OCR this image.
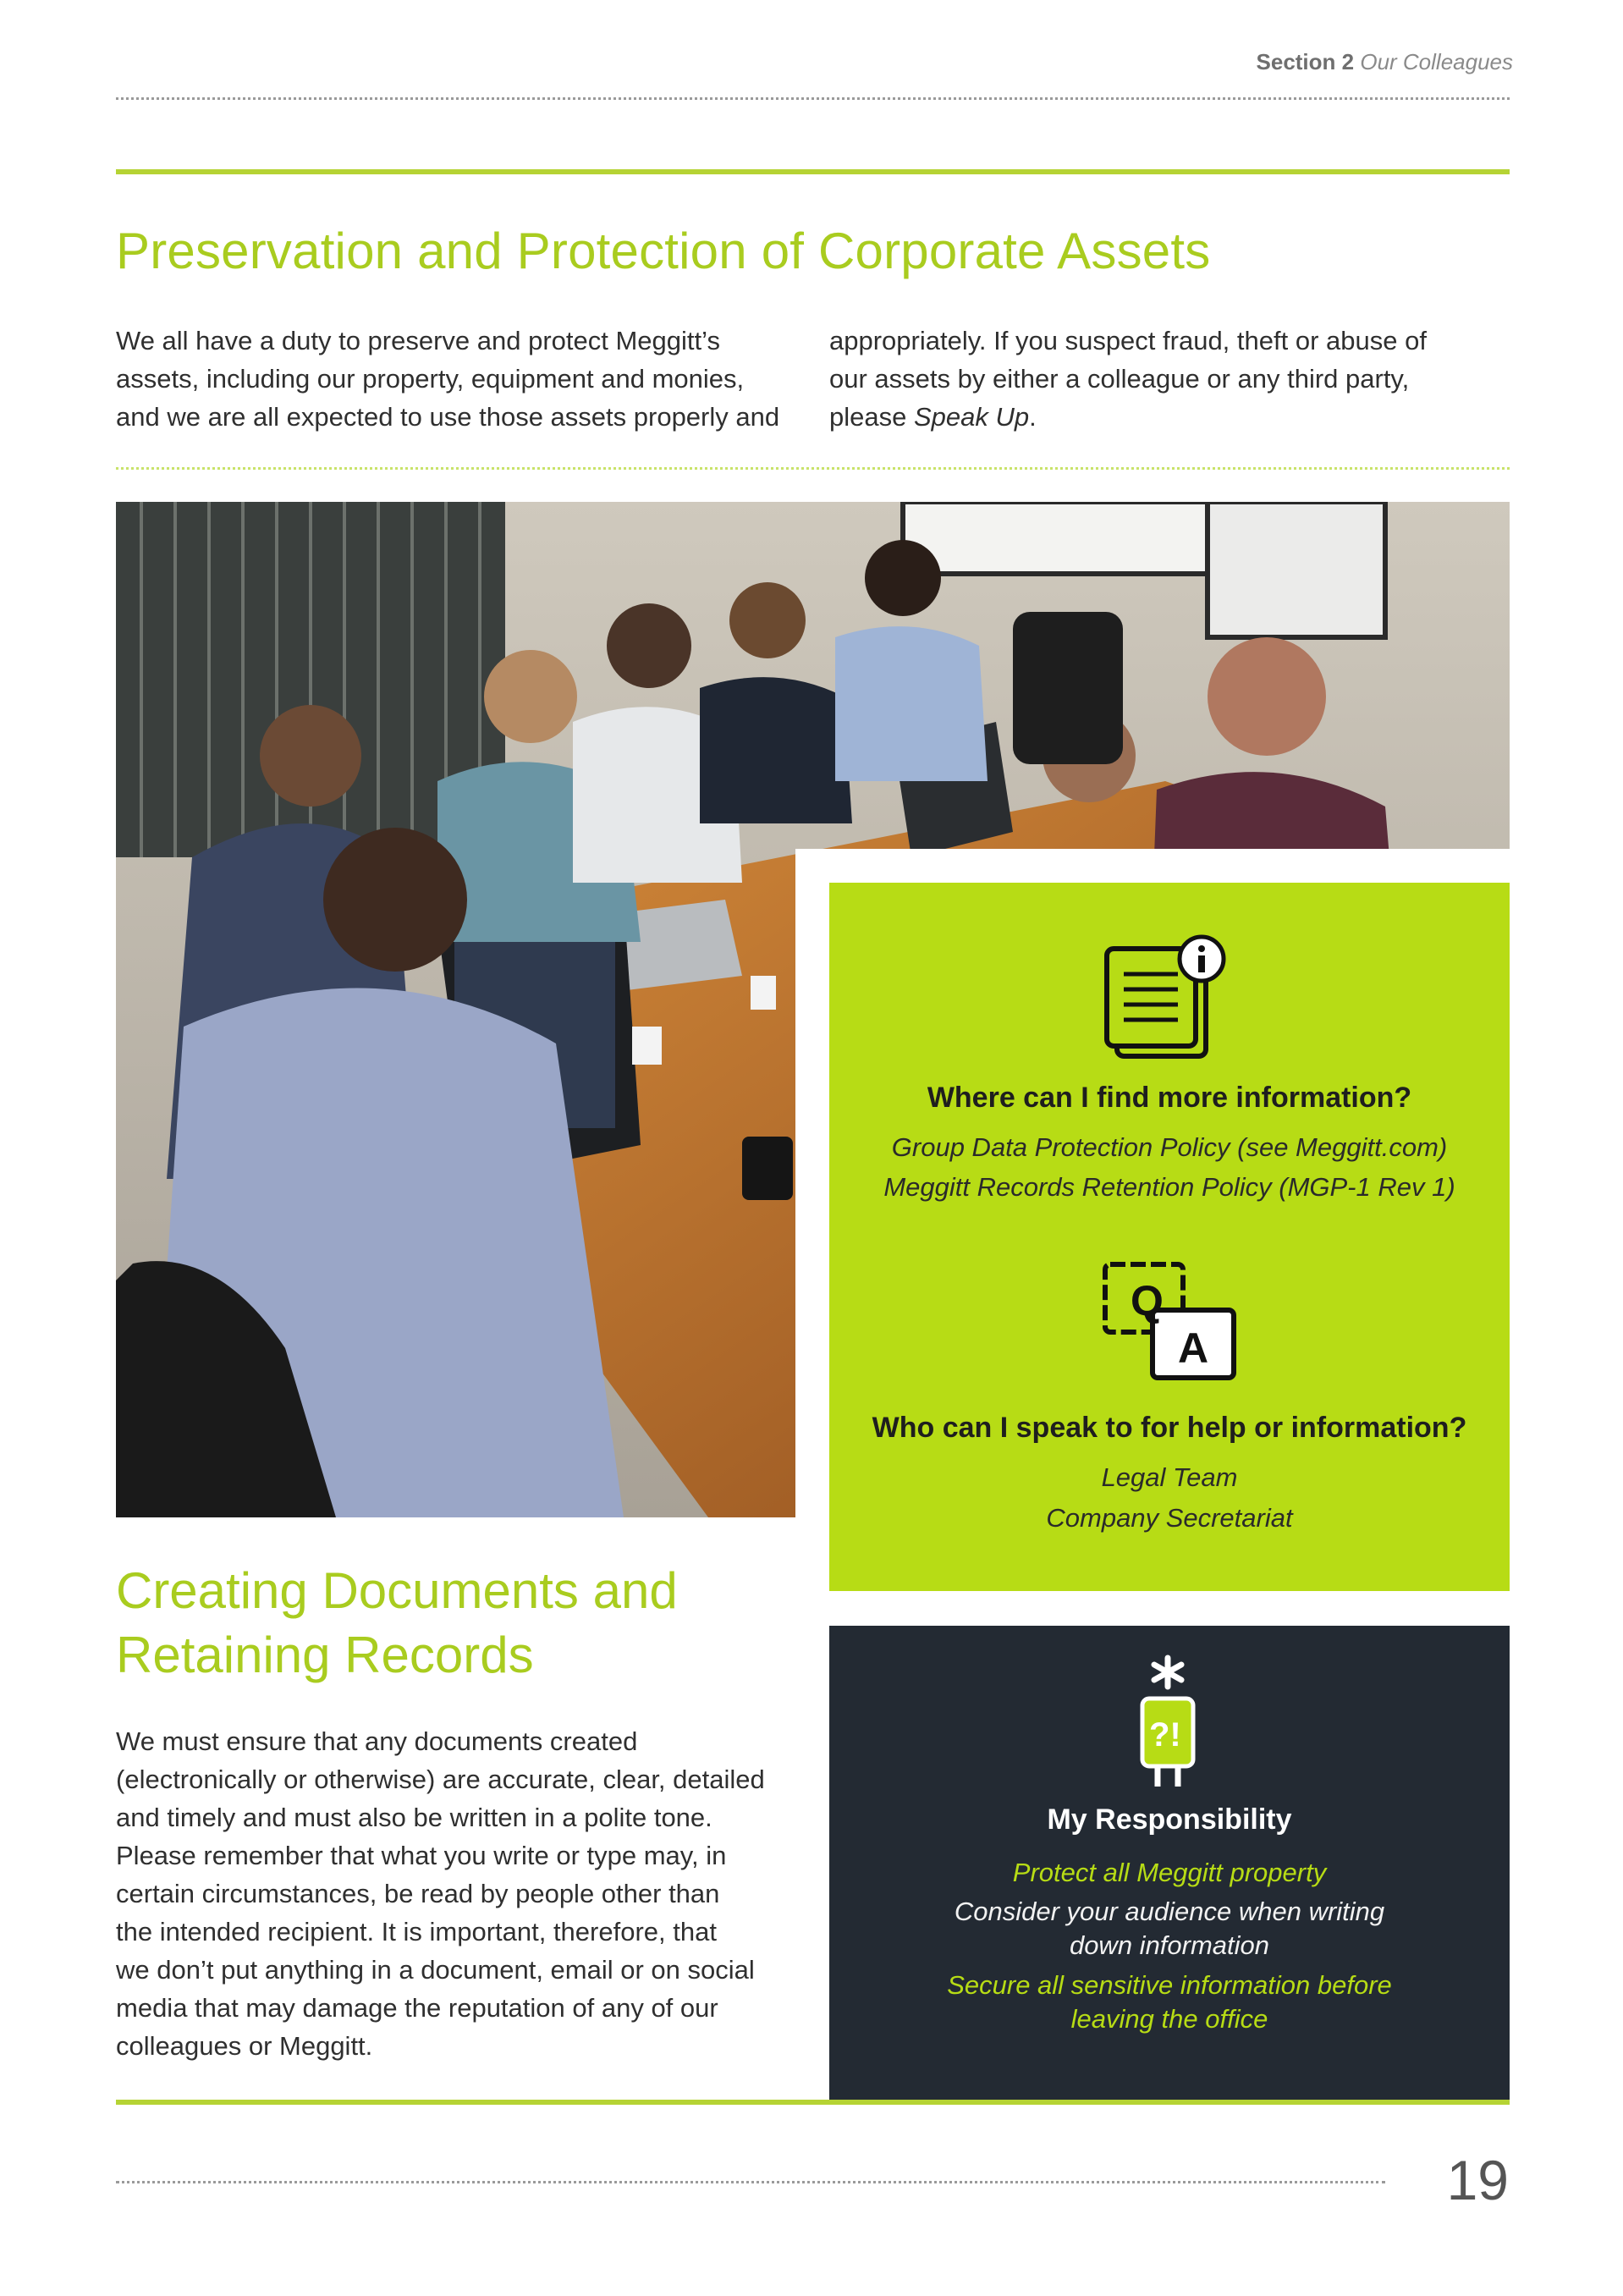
Section 2 Our Colleagues
Preservation and Protection of Corporate Assets
We all have a duty to preserve and protect Meggitt’s
assets, including our property, equipment and monies,
and we are all expected to use those assets properly and
appropriately. If you suspect fraud, theft or abuse of
our assets by either a colleague or any third party,
please Speak Up.
Where can I find more information?
Group Data Protection Policy (see Meggitt.com)
Meggitt Records Retention Policy (MGP-1 Rev 1)
Q
A
Who can I speak to for help or information?
Legal Team
Company Secretariat
?!
My Responsibility
Protect all Meggitt property
Consider your audience when writing down information
Secure all sensitive information before leaving the office
Creating Documents and
Retaining Records
We must ensure that any documents created
(electronically or otherwise) are accurate, clear, detailed
and timely and must also be written in a polite tone.
Please remember that what you write or type may, in
certain circumstances, be read by people other than
the intended recipient. It is important, therefore, that
we don’t put anything in a document, email or on social
media that may damage the reputation of any of our
colleagues or Meggitt.
19
